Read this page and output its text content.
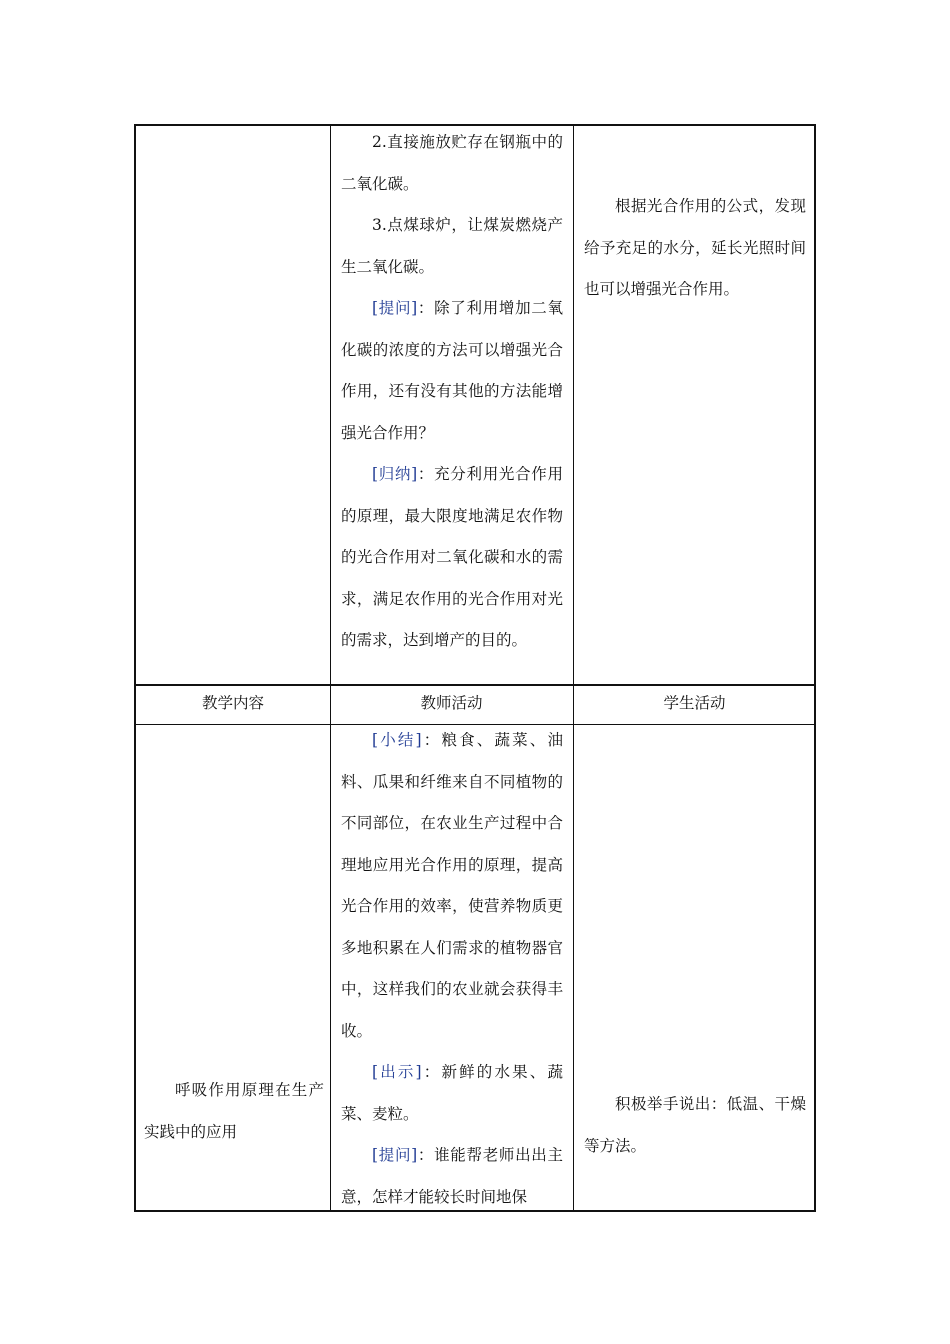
2.直接施放贮存在钢瓶中的二氧化碳。

3.点煤球炉，让煤炭燃烧产生二氧化碳。

[提问]：除了利用增加二氧化碳的浓度的方法可以增强光合作用，还有没有其他的方法能增强光合作用？

[归纳]：充分利用光合作用的原理，最大限度地满足农作物的光合作用对二氧化碳和水的需求，满足农作用的光合作用对光的需求，达到增产的目的。

根据光合作用的公式，发现给予充足的水分，延长光照时间也可以增强光合作用。

教学内容	教师活动	学生活动

呼吸作用原理在生产实践中的应用

[小结]：粮食、蔬菜、油料、瓜果和纤维来自不同植物的不同部位，在农业生产过程中合理地应用光合作用的原理，提高光合作用的效率，使营养物质更多地积累在人们需求的植物器官中，这样我们的农业就会获得丰收。

[出示]：新鲜的水果、蔬菜、麦粒。

[提问]：谁能帮老师出出主意，怎样才能较长时间地保

积极举手说出：低温、干燥等方法。
